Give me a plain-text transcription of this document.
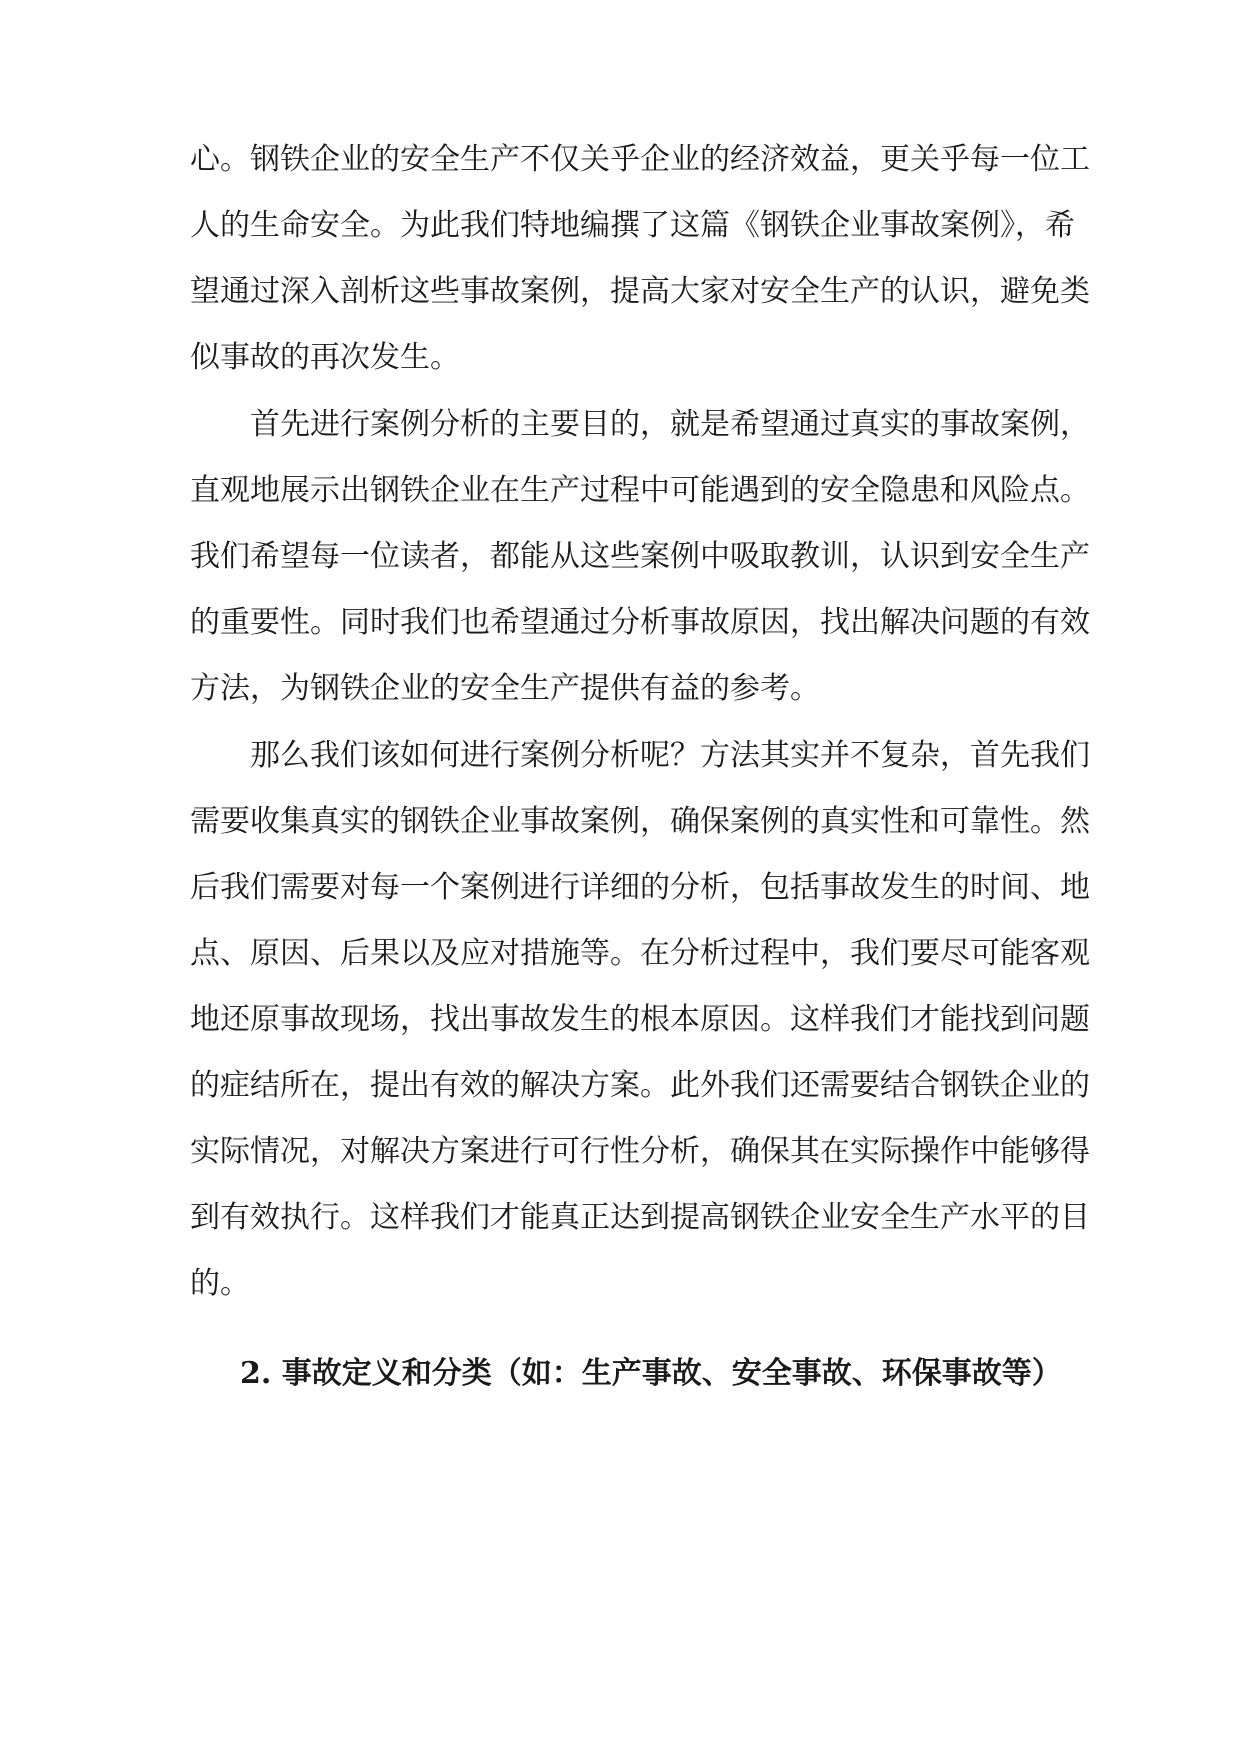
心。钢铁企业的安全生产不仅关乎企业的经济效益，更关乎每一位工

人的生命安全。为此我们特地编撰了这篇《钢铁企业事故案例》，希

望通过深入剖析这些事故案例，提高大家对安全生产的认识，避免类

似事故的再次发生。

首先进行案例分析的主要目的，就是希望通过真实的事故案例，

直观地展示出钢铁企业在生产过程中可能遇到的安全隐患和风险点。

我们希望每一位读者，都能从这些案例中吸取教训，认识到安全生产

的重要性。同时我们也希望通过分析事故原因，找出解决问题的有效

方法，为钢铁企业的安全生产提供有益的参考。

那么我们该如何进行案例分析呢？方法其实并不复杂，首先我们

需要收集真实的钢铁企业事故案例，确保案例的真实性和可靠性。然

后我们需要对每一个案例进行详细的分析，包括事故发生的时间、地

点、原因、后果以及应对措施等。在分析过程中，我们要尽可能客观

地还原事故现场，找出事故发生的根本原因。这样我们才能找到问题

的症结所在，提出有效的解决方案。此外我们还需要结合钢铁企业的

实际情况，对解决方案进行可行性分析，确保其在实际操作中能够得

到有效执行。这样我们才能真正达到提高钢铁企业安全生产水平的目

的。

2. 事故定义和分类（如：生产事故、安全事故、环保事故等）
